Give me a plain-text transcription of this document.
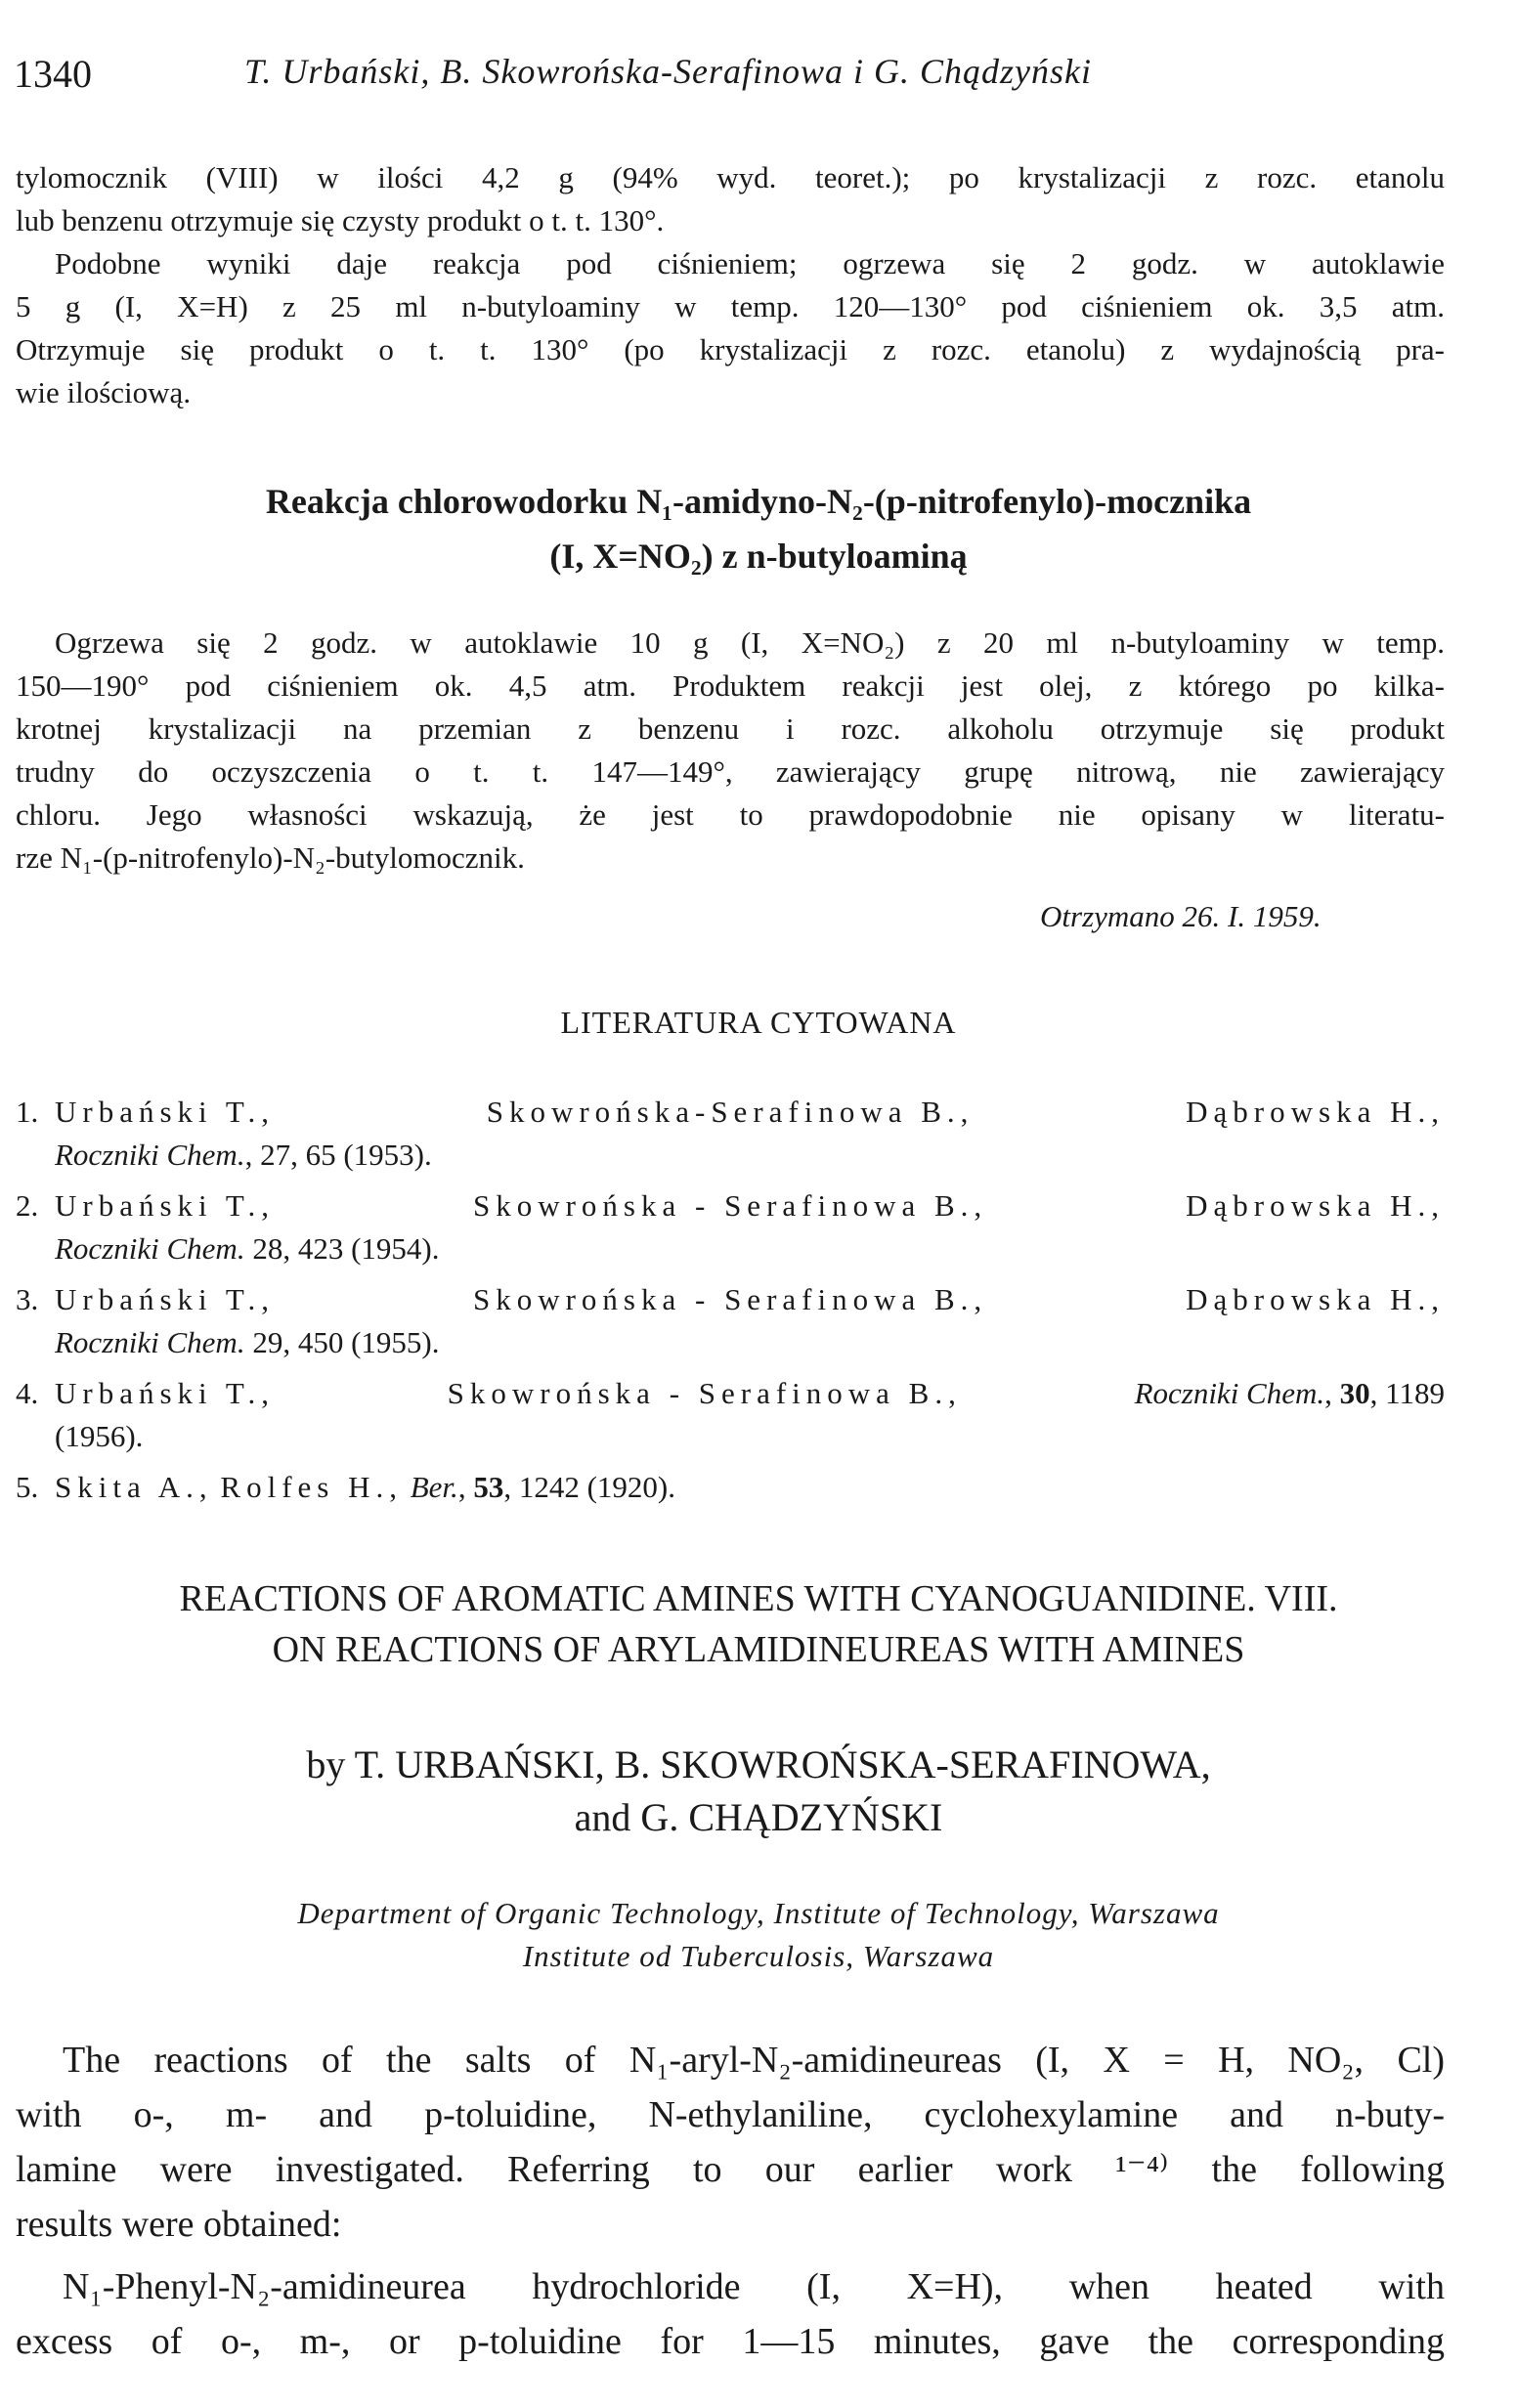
1340	T. Urbański, B. Skowrońska-Serafinowa i G. Chądzyński
tylomocznik (VIII) w ilości 4,2 g (94% wyd. teoret.); po krystalizacji z rozc. etanolu
lub benzenu otrzymuje się czysty produkt o t. t. 130°.
Podobne wyniki daje reakcja pod ciśnieniem; ogrzewa się 2 godz. w autoklawie
5 g (I, X=H) z 25 ml n-butyloaminy w temp. 120—130° pod ciśnieniem ok. 3,5 atm.
Otrzymuje się produkt o t. t. 130° (po krystalizacji z rozc. etanolu) z wydajnością pra-
wie ilościową.
Reakcja chlorowodorku N₁-amidyno-N₂-(p-nitrofenylo)-mocznika
(I, X=NO₂) z n-butyloaminą
Ogrzewa się 2 godz. w autoklawie 10 g (I, X=NO₂) z 20 ml n-butyloaminy w temp.
150—190° pod ciśnieniem ok. 4,5 atm. Produktem reakcji jest olej, z którego po kilka-
krotnej krystalizacji na przemian z benzenu i rozc. alkoholu otrzymuje się produkt
trudny do oczyszczenia o t. t. 147—149°, zawierający grupę nitrową, nie zawierający
chloru. Jego własności wskazują, że jest to prawdopodobnie nie opisany w literatu-
rze N₁-(p-nitrofenylo)-N₂-butylomocznik.
Otrzymano 26. I. 1959.
LITERATURA CYTOWANA
1. Urbański T.,	Skowrońska-Serafinowa B.,	Dąbrowska H.,
Roczniki Chem., 27, 65 (1953).
2. Urbański T.,	Skowrońska - Serafinowa B.,	Dąbrowska H.,
Roczniki Chem. 28, 423 (1954).
3. Urbański T.,	Skowrońska - Serafinowa B.,	Dąbrowska H.,
Roczniki Chem. 29, 450 (1955).
4. Urbański T.,	Skowrońska - Serafinowa B.,	Roczniki Chem., 30, 1189
(1956).
5. Skita A., Rolfes H., Ber., 53, 1242 (1920).
REACTIONS OF AROMATIC AMINES WITH CYANOGUANIDINE. VIII.
ON REACTIONS OF ARYLAMIDINEUREAS WITH AMINES
by T. URBAŃSKI, B. SKOWROŃSKA-SERAFINOWA,
and G. CHĄDZYŃSKI
Department of Organic Technology, Institute of Technology, Warszawa
Institute od Tuberculosis, Warszawa
The reactions of the salts of N₁-aryl-N₂-amidineureas (I, X = H, NO₂, Cl)
with o-, m- and p-toluidine, N-ethylaniline, cyclohexylamine and n-buty-
lamine were investigated. Referring to our earlier work ¹⁻⁴⁾ the following
results were obtained:
N₁-Phenyl-N₂-amidineurea hydrochloride (I, X=H), when heated with
excess of o-, m-, or p-toluidine for 1—15 minutes, gave the corresponding
